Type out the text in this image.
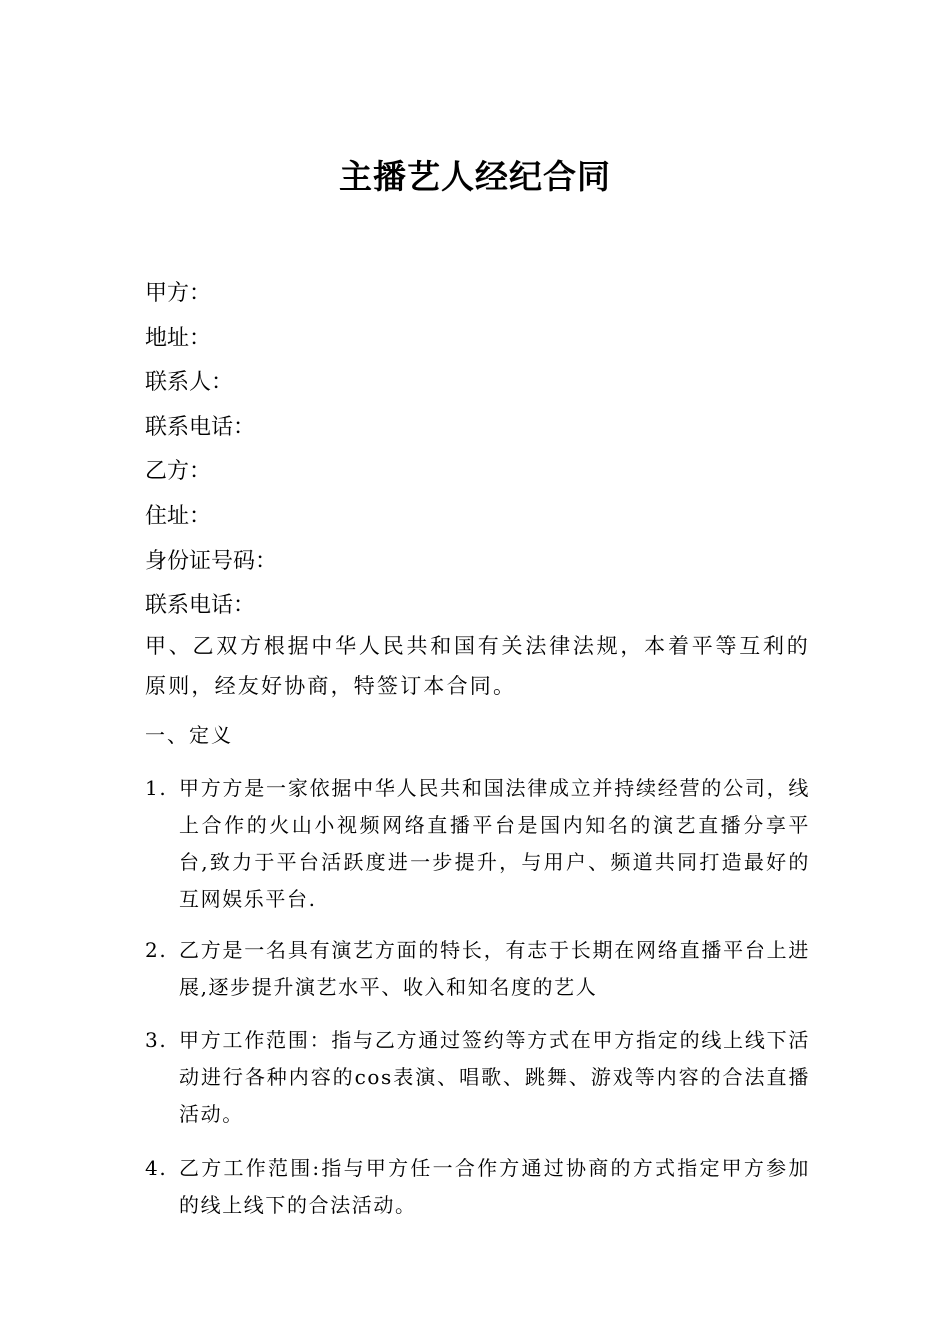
主播艺人经纪合同
甲方：
地址：
联系人：
联系电话：
乙方：
住址：
身份证号码：
联系电话：

甲、乙双方根据中华人民共和国有关法律法规，本着平等互利的原则，经友好协商，特签订本合同。

一、定义
1. 甲方方是一家依据中华人民共和国法律成立并持续经营的公司，线上合作的火山小视频网络直播平台是国内知名的演艺直播分享平台,致力于平台活跃度进一步提升，与用户、频道共同打造最好的互网娱乐平台.
2. 乙方是一名具有演艺方面的特长，有志于长期在网络直播平台上进展,逐步提升演艺水平、收入和知名度的艺人
3. 甲方工作范围：指与乙方通过签约等方式在甲方指定的线上线下活动进行各种内容的cos表演、唱歌、跳舞、游戏等内容的合法直播活动。
4. 乙方工作范围:指与甲方任一合作方通过协商的方式指定甲方参加的线上线下的合法活动。
